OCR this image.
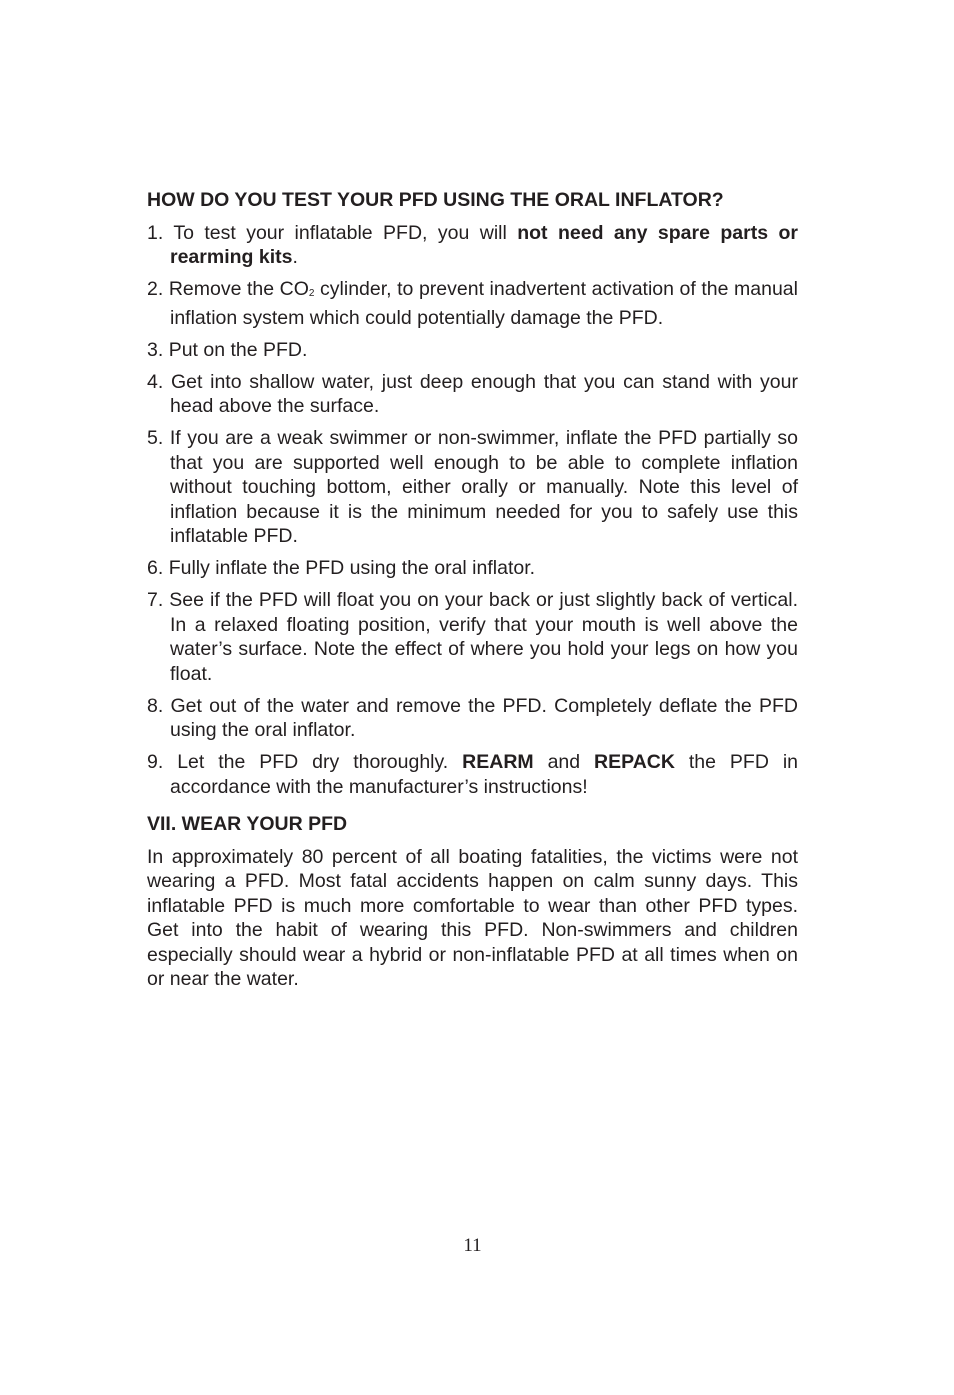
HOW DO YOU TEST YOUR PFD USING THE ORAL INFLATOR?
1. To test your inflatable PFD, you will not need any spare parts or rearming kits.
2. Remove the $CO_2$ cylinder, to prevent inadvertent activation of the manual inflation system which could potentially damage the PFD.
3. Put on the PFD.
4. Get into shallow water, just deep enough that you can stand with your head above the surface.
5. If you are a weak swimmer or non-swimmer, inflate the PFD partially so that you are supported well enough to be able to complete inflation without touching bottom, either orally or manually. Note this level of inflation because it is the minimum needed for you to safely use this inflatable PFD.
6. Fully inflate the PFD using the oral inflator.
7. See if the PFD will float you on your back or just slightly back of vertical. In a relaxed floating position, verify that your mouth is well above the water’s surface. Note the effect of where you hold your legs on how you float.
8. Get out of the water and remove the PFD. Completely deflate the PFD using the oral inflator.
9. Let the PFD dry thoroughly. REARM and REPACK the PFD in accordance with the manufacturer’s instructions!
VII. WEAR YOUR PFD

In approximately 80 percent of all boating fatalities, the victims were not wearing a PFD. Most fatal accidents happen on calm sunny days. This inflatable PFD is much more comfortable to wear than other PFD types. Get into the habit of wearing this PFD. Non-swimmers and children especially should wear a hybrid or non-inflatable PFD at all times when on or near the water.

11
